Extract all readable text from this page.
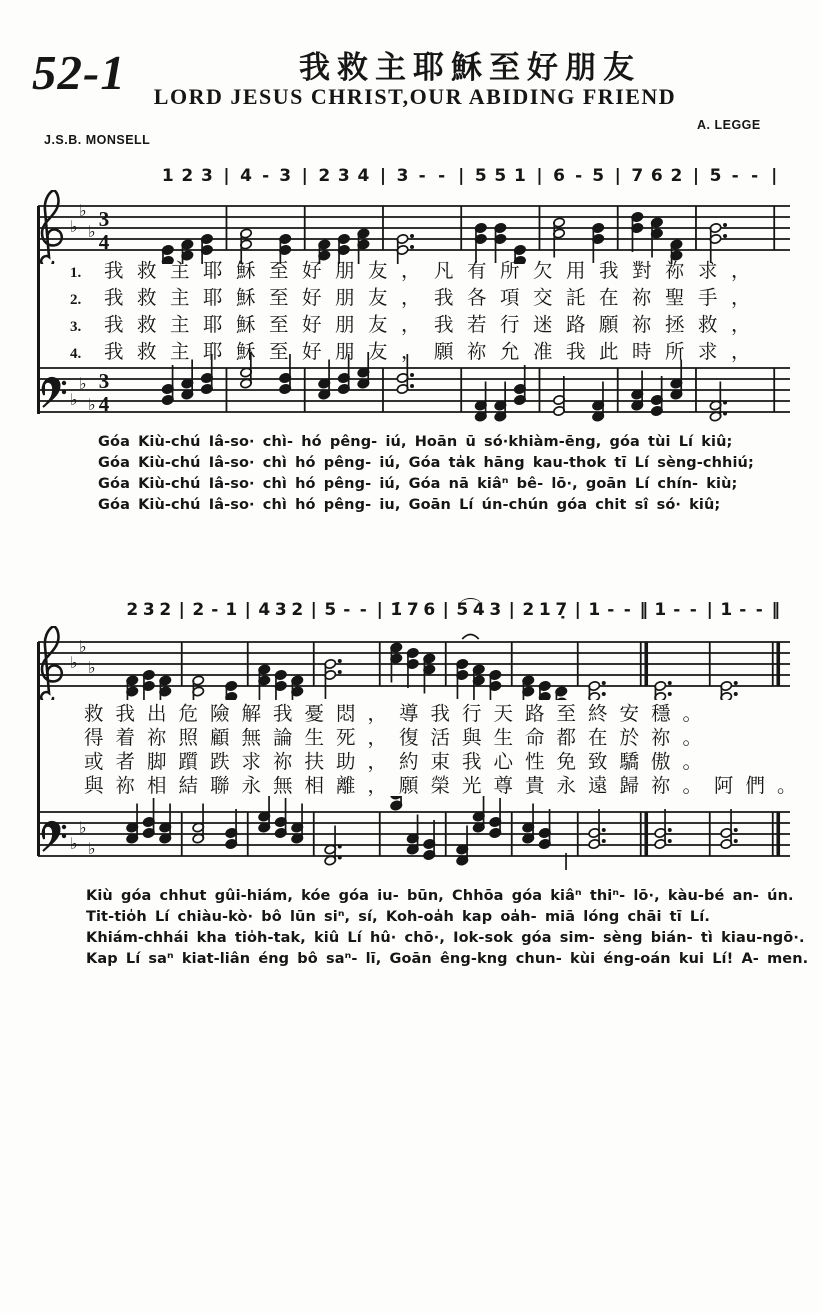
52-1	我救主耶穌至好朋友
LORD JESUS CHRIST,OUR ABIDING FRIEND
J.S.B. MONSELL
A. LEGGE
1 2 3 | 4 - 3 | 2 3 4 | 3 - - | 5 5 1 | 6 - 5 | 7 6 2 | 5 - - |
♭
♭
♭
3
4
1. 我救主耶穌至好朋友，凡有所欠用我對祢求，
2. 我救主耶穌至好朋友，我各項交託在祢聖手，
3. 我救主耶穌至好朋友，我若行迷路願祢拯救，
4. 我救主耶穌至好朋友，願祢允准我此時所求，
♭
♭
♭
3
4
Góa Kiù-chú Iâ-so· chì- hó pêng- iú, Hoān ū só·khiàm-ēng, góa tùi Lí kiû;
Góa Kiù-chú Iâ-so· chì hó pêng- iú, Góa ta̍k hāng kau-thok tī Lí sèng-chhiú;
Góa Kiù-chú Iâ-so· chì hó pêng- iú, Góa nā kiâⁿ bê- lō·, goān Lí chín- kiù;
Góa Kiù-chú Iâ-so· chì hó pêng- iu, Goān Lí ún-chún góa chit sî só· kiû;
2 3 2 | 2 - 1 | 4 3 2 | 5 - - | 1̇ 7 6 | 5 4 3 | 2 1 7̣ | 1 - - ‖ 1 - - | 1 - - ‖
♭
♭
♭
救我出危險解我憂悶，導我行天路至終安穩。
得着祢照顧無論生死，復活與生命都在於祢。
或者脚躓跌求祢扶助，約束我心性免致驕傲。
與祢相結聯永無相離，願榮光尊貴永遠歸祢。阿們。
♭
♭
♭
Kiù góa chhut gûi-hiám, kóe góa iu- būn, Chhōa góa kiâⁿ thiⁿ- lō·, kàu-bé an- ún.
Tit-tio̍h Lí chiàu-kò· bô lūn siⁿ, sí, Koh-oa̍h kap oa̍h- miā lóng chāi tī Lí.
Khiám-chhái kha tio̍h-tak, kiû Lí hû· chō·, Iok-sok góa sim- sèng bián- tì kiau-ngō·.
Kap Lí saⁿ kiat-liân éng bô saⁿ- lī, Goān êng-kng chun- kùi éng-oán kui Lí! A- men.
